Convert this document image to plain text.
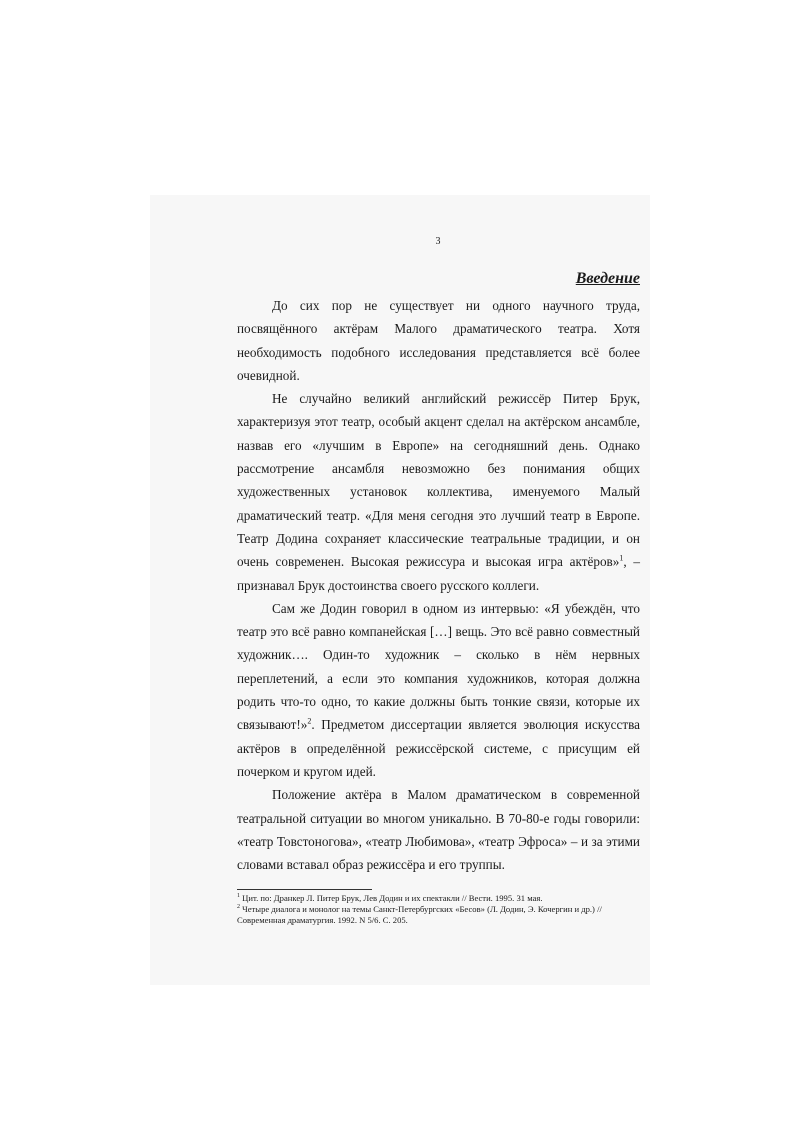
3
Введение

До сих пор не существует ни одного научного труда, посвящённого актёрам Малого драматического театра. Хотя необходимость подобного исследования представляется всё более очевидной.

Не случайно великий английский режиссёр Питер Брук, характеризуя этот театр, особый акцент сделал на актёрском ансамбле, назвав его «лучшим в Европе» на сегодняшний день. Однако рассмотрение ансамбля невозможно без понимания общих художественных установок коллектива, именуемого Малый драматический театр. «Для меня сегодня это лучший театр в Европе. Театр Додина сохраняет классические театральные традиции, и он очень современен. Высокая режиссура и высокая игра актёров»$^1$, – признавал Брук достоинства своего русского коллеги.

Сам же Додин говорил в одном из интервью: «Я убеждён, что театр это всё равно компанейская […] вещь. Это всё равно совместный художник…. Один-то художник – сколько в нём нервных переплетений, а если это компания художников, которая должна родить что-то одно, то какие должны быть тонкие связи, которые их связывают!»$^2$. Предметом диссертации является эволюция искусства актёров в определённой режиссёрской системе, с присущим ей почерком и кругом идей.

Положение актёра в Малом драматическом в современной театральной ситуации во многом уникально. В 70-80-е годы говорили: «театр Товстоногова», «театр Любимова», «театр Эфроса» – и за этими словами вставал образ режиссёра и его труппы.

$^1$ Цит. по: Дранкер Л. Питер Брук, Лев Додин и их спектакли // Вести. 1995. 31 мая.

$^2$ Четыре диалога и монолог на темы Санкт-Петербургских «Бесов» (Л. Додин, Э. Кочергин и др.) // Современная драматургия. 1992. N 5/6. С. 205.
